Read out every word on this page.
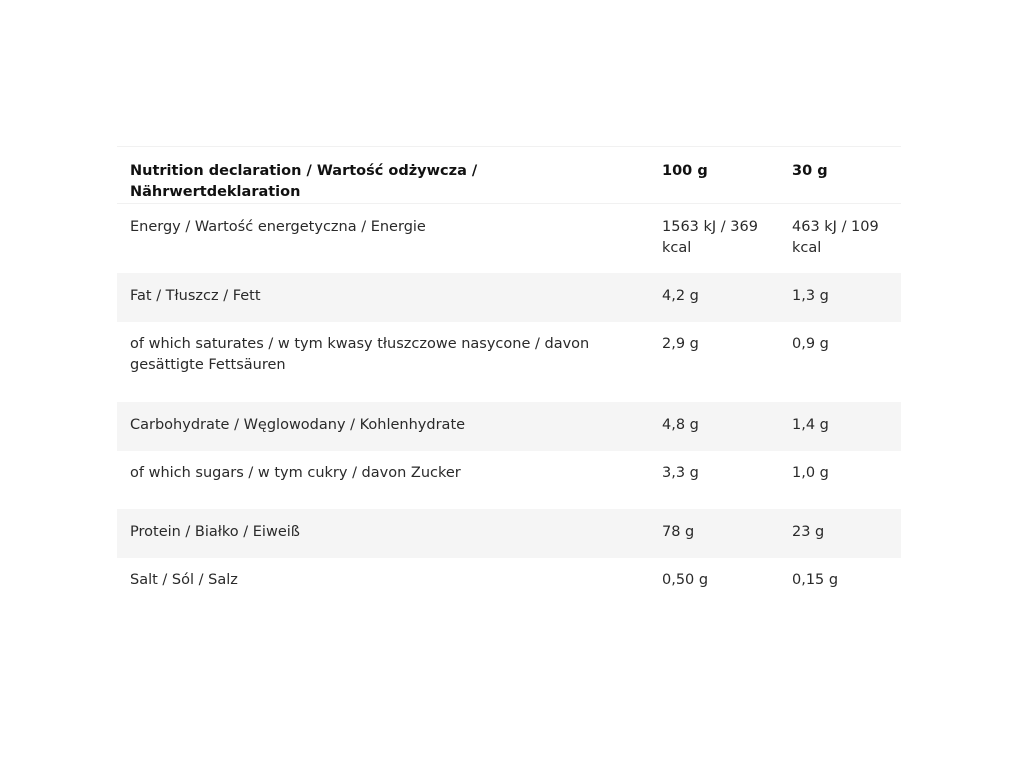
Nutrition declaration / Wartość odżywcza / Nährwertdeklaration	100 g	30 g
Energy / Wartość energetyczna / Energie	1563 kJ / 369 kcal	463 kJ / 109 kcal
Fat / Tłuszcz / Fett	4,2 g	1,3 g
of which saturates / w tym kwasy tłuszczowe nasycone / davon gesättigte Fettsäuren	2,9 g	0,9 g
Carbohydrate / Węglowodany / Kohlenhydrate	4,8 g	1,4 g
of which sugars / w tym cukry / davon Zucker	3,3 g	1,0 g
Protein / Białko / Eiweiß	78 g	23 g
Salt / Sól / Salz	0,50 g	0,15 g
